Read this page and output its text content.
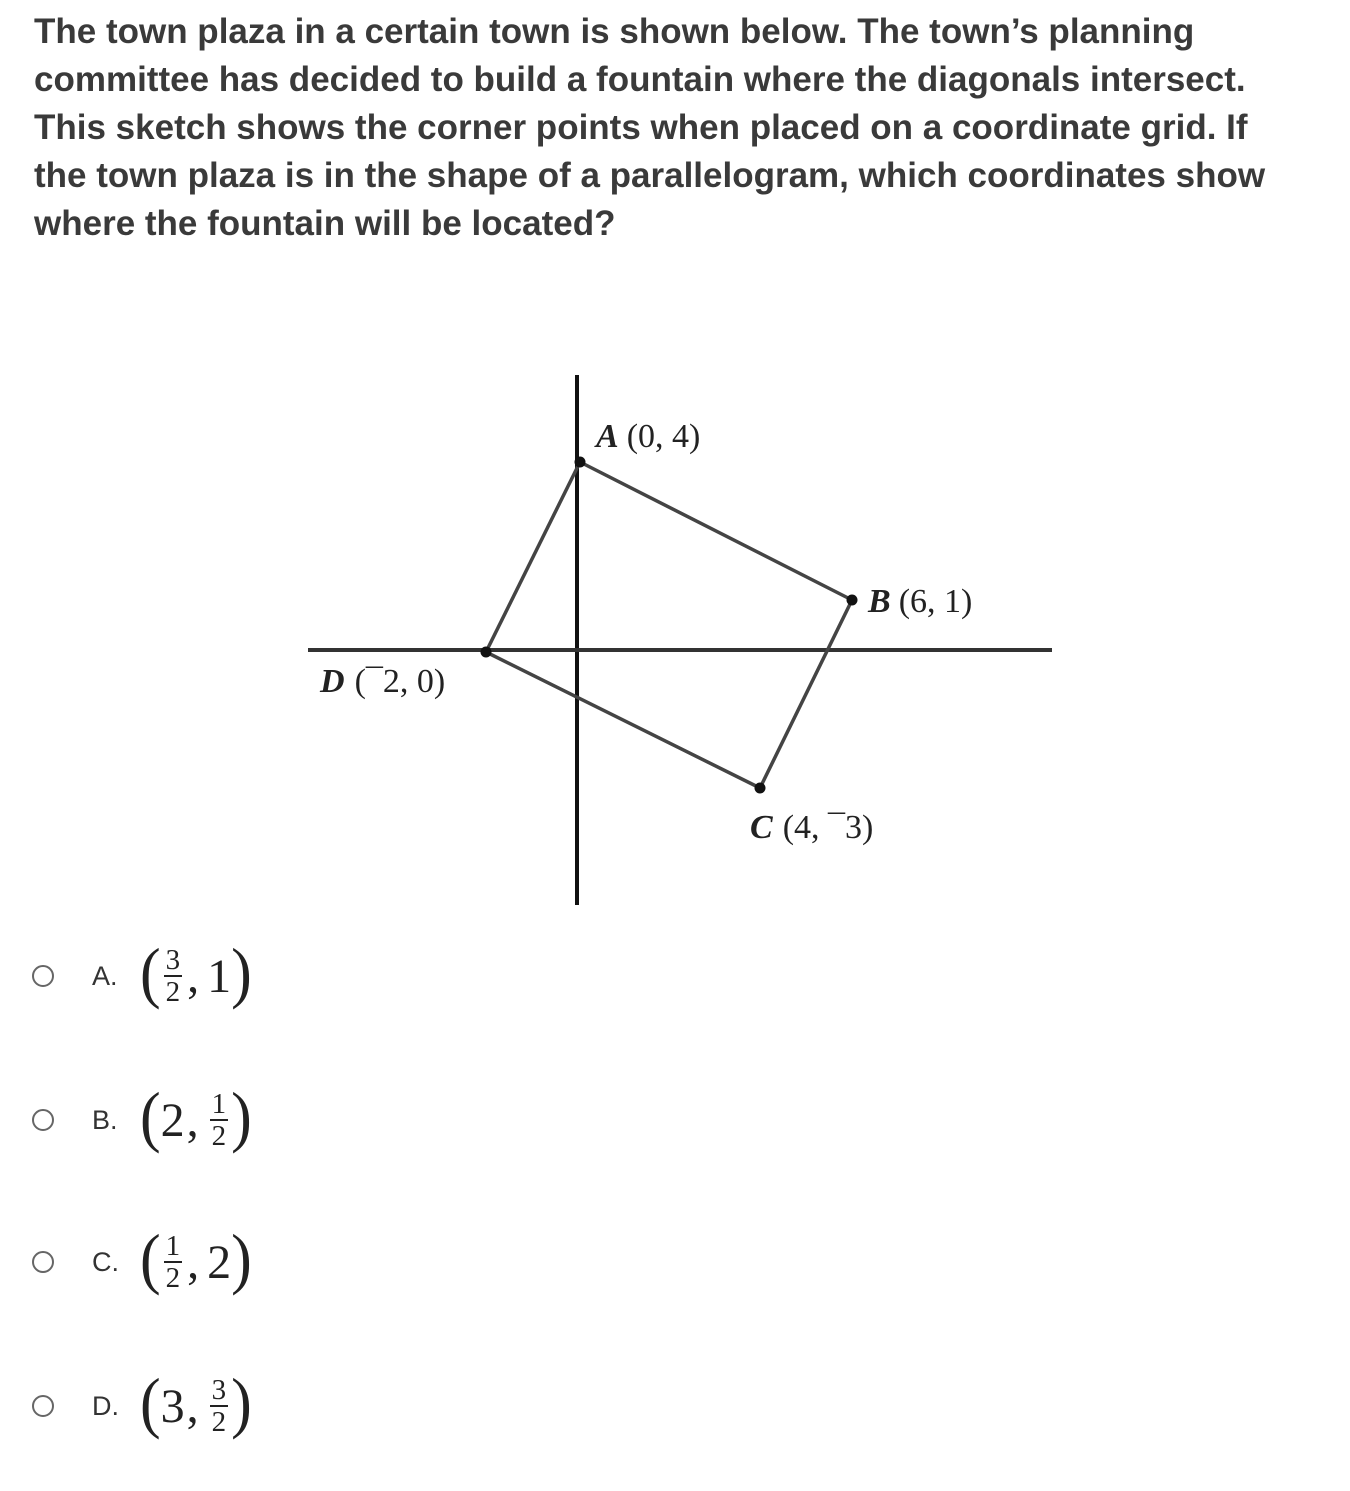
The town plaza in a certain town is shown below. The town’s planning
committee has decided to build a fountain where the diagonals intersect.
This sketch shows the corner points when placed on a coordinate grid. If
the town plaza is in the shape of a parallelogram, which coordinates show
where the fountain will be located?
A (0, 4)
B (6, 1)
C (4, ¯3)
D (¯2, 0)
A. ( $\frac{3}{2}$ , 1 )
B. ( 2 , $\frac{1}{2}$ )
C. ( $\frac{1}{2}$ , 2 )
D. ( 3 , $\frac{3}{2}$ )
